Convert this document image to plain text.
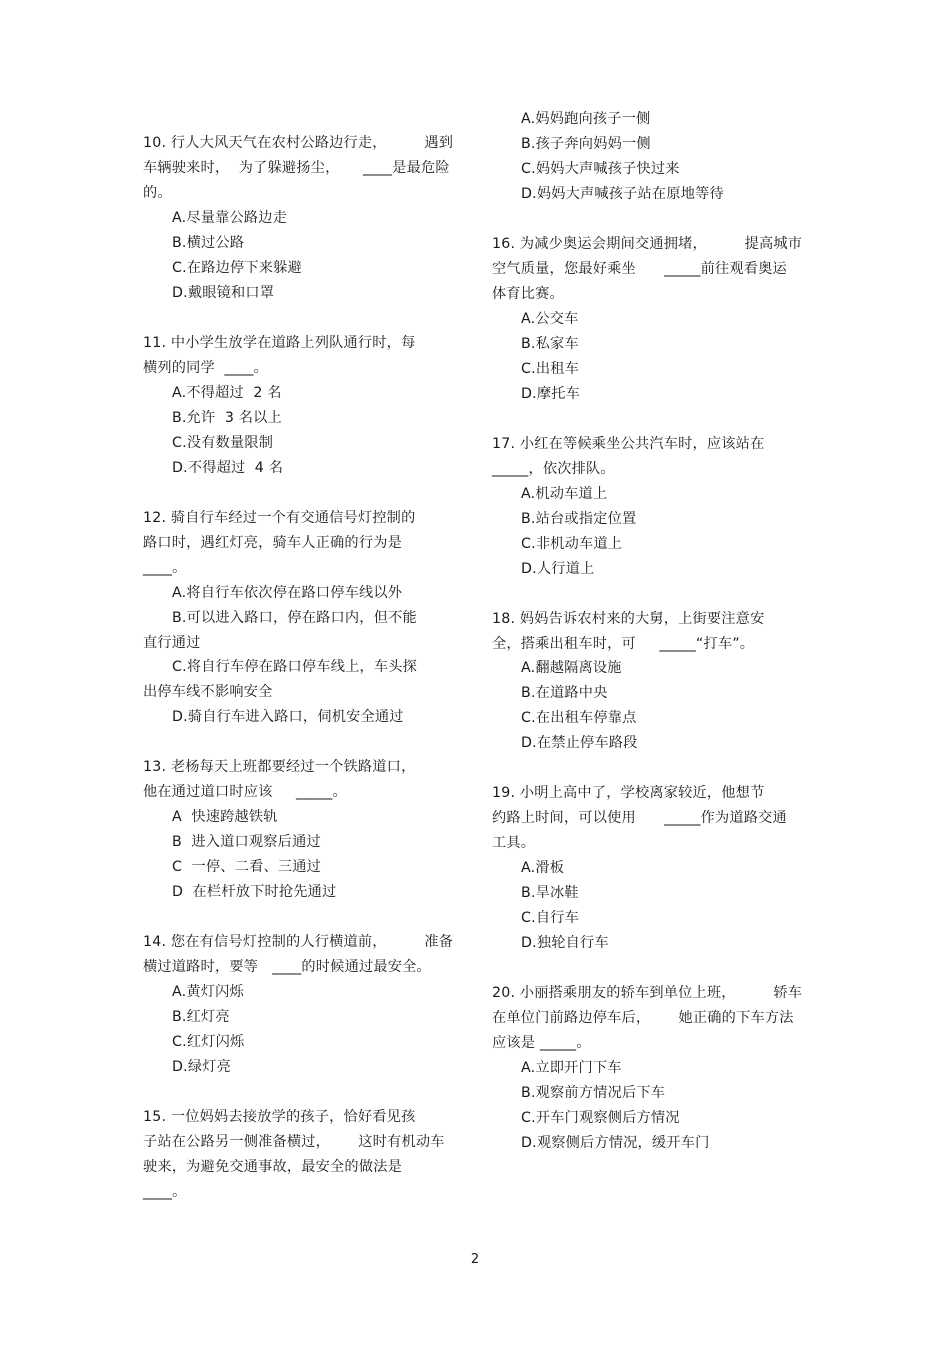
10. 行人大风天气在农村公路边行走，        遇到
车辆驶来时，  为了躲避扬尘，     ____是最危险
的。
A.尽量靠公路边走
B.横过公路
C.在路边停下来躲避
D.戴眼镜和口罩
11. 中小学生放学在道路上列队通行时，每
横列的同学  ____。
A.不得超过  2 名
B.允许  3 名以上
C.没有数量限制
D.不得超过  4 名
12. 骑自行车经过一个有交通信号灯控制的
路口时，遇红灯亮，骑车人正确的行为是
____。
A.将自行车依次停在路口停车线以外
B.可以进入路口，停在路口内，但不能
直行通过
C.将自行车停在路口停车线上，车头探
出停车线不影响安全
D.骑自行车进入路口，伺机安全通过
13. 老杨每天上班都要经过一个铁路道口，
他在通过道口时应该     _____。
A  快速跨越铁轨
B  进入道口观察后通过
C  一停、二看、三通过
D  在栏杆放下时抢先通过
14. 您在有信号灯控制的人行横道前，        准备
横过道路时，要等   ____的时候通过最安全。
A.黄灯闪烁
B.红灯亮
C.红灯闪烁
D.绿灯亮
15. 一位妈妈去接放学的孩子，恰好看见孩
子站在公路另一侧准备横过，      这时有机动车
驶来，为避免交通事故，最安全的做法是
____。
A.妈妈跑向孩子一侧
B.孩子奔向妈妈一侧
C.妈妈大声喊孩子快过来
D.妈妈大声喊孩子站在原地等待
16. 为减少奥运会期间交通拥堵，        提高城市
空气质量，您最好乘坐      _____前往观看奥运
体育比赛。
A.公交车
B.私家车
C.出租车
D.摩托车
17. 小红在等候乘坐公共汽车时，应该站在
_____，依次排队。
A.机动车道上
B.站台或指定位置
C.非机动车道上
D.人行道上
18. 妈妈告诉农村来的大舅，上街要注意安
全，搭乘出租车时，可     _____“打车”。
A.翻越隔离设施
B.在道路中央
C.在出租车停靠点
D.在禁止停车路段
19. 小明上高中了，学校离家较近，他想节
约路上时间，可以使用      _____作为道路交通
工具。
A.滑板
B.旱冰鞋
C.自行车
D.独轮自行车
20. 小丽搭乘朋友的轿车到单位上班，        轿车
在单位门前路边停车后，      她正确的下车方法
应该是 _____。
A.立即开门下车
B.观察前方情况后下车
C.开车门观察侧后方情况
D.观察侧后方情况，缓开车门
2
